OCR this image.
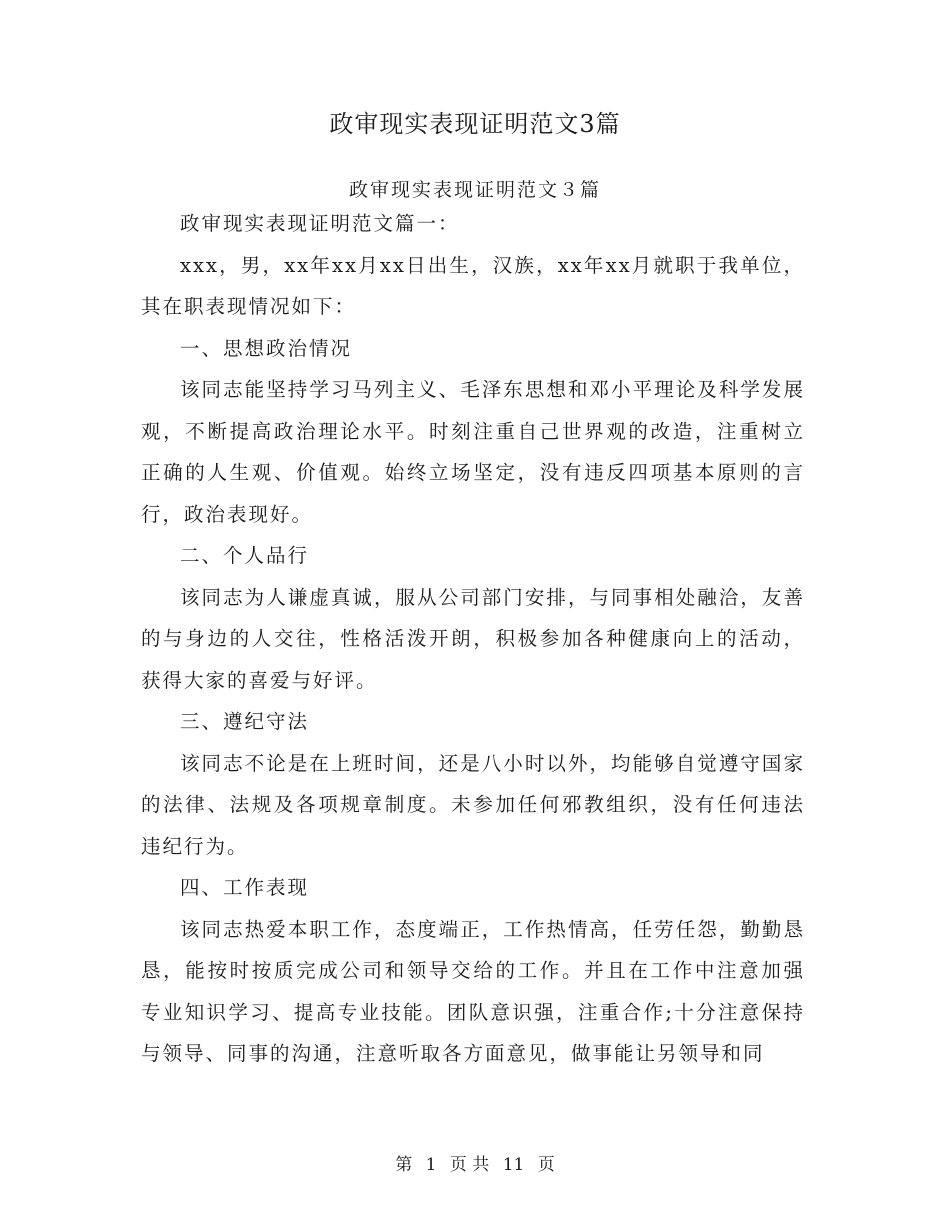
政审现实表现证明范文3篇
政审现实表现证明范文３篇

政审现实表现证明范文篇一：

xxx，男，xx年xx月xx日出生，汉族，xx年xx月就职于我单位，其在职表现情况如下：

一、思想政治情况

该同志能坚持学习马列主义、毛泽东思想和邓小平理论及科学发展观，不断提高政治理论水平。时刻注重自己世界观的改造，注重树立正确的人生观、价值观。始终立场坚定，没有违反四项基本原则的言行，政治表现好。

二、个人品行

该同志为人谦虚真诚，服从公司部门安排，与同事相处融洽，友善的与身边的人交往，性格活泼开朗，积极参加各种健康向上的活动，获得大家的喜爱与好评。

三、遵纪守法

该同志不论是在上班时间，还是八小时以外，均能够自觉遵守国家的法律、法规及各项规章制度。未参加任何邪教组织，没有任何违法违纪行为。

四、工作表现

该同志热爱本职工作，态度端正，工作热情高，任劳任怨，勤勤恳恳，能按时按质完成公司和领导交给的工作。并且在工作中注意加强专业知识学习、提高专业技能。团队意识强，注重合作;十分注意保持与领导、同事的沟通，注意听取各方面意见，做事能让另领导和同

第 1 页 共 11 页
